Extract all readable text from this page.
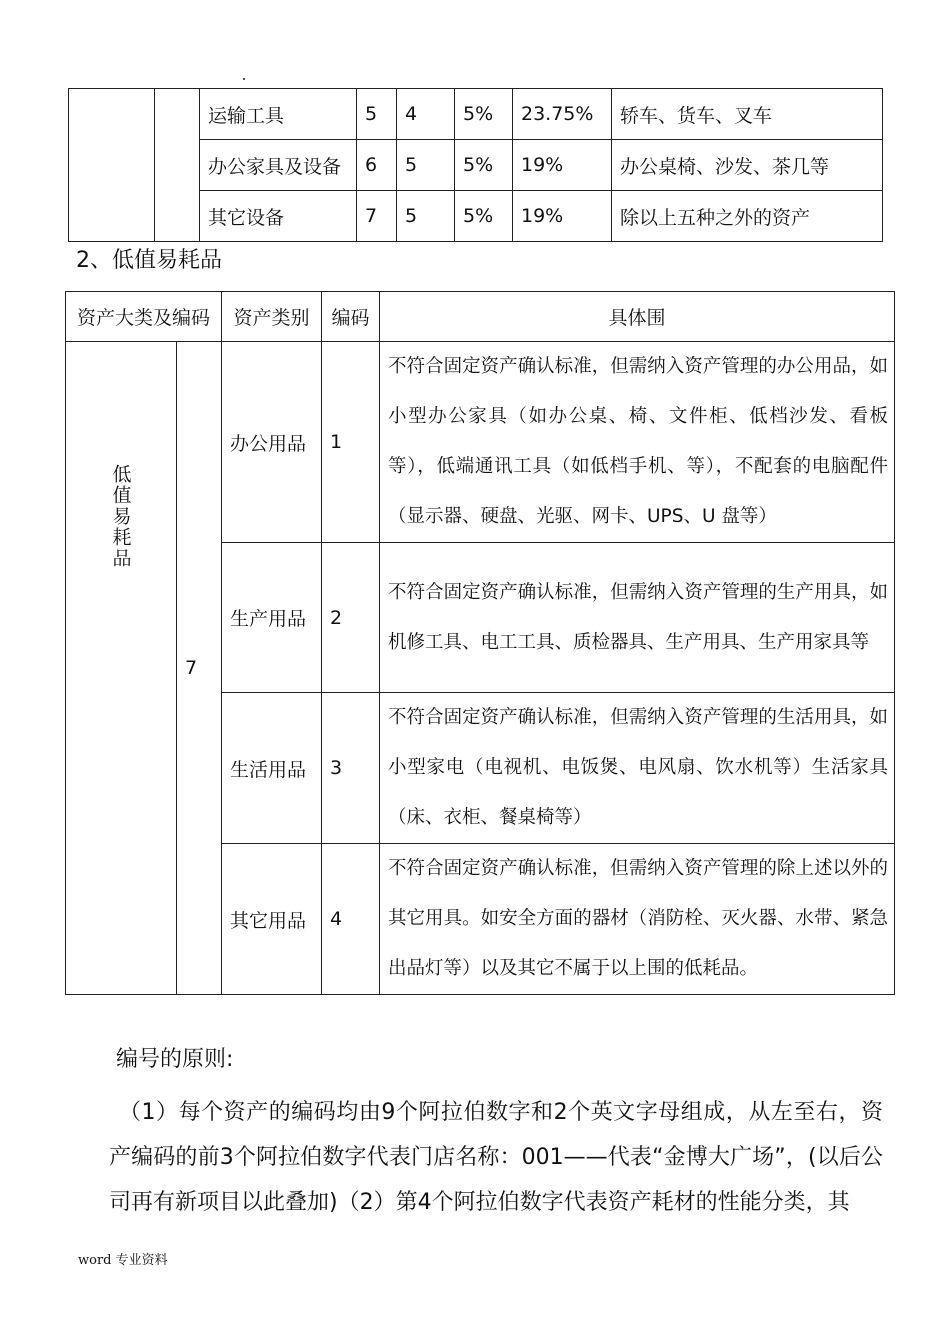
		运输工具	5	4	5%	23.75%	轿车、货车、叉车
		办公家具及设备	6	5	5%	19%	办公桌椅、沙发、茶几等
		其它设备	7	5	5%	19%	除以上五种之外的资产
2、低值易耗品
资产大类及编码		资产类别	编码	具体围
低值易耗品	7	办公用品	1	不符合固定资产确认标准，但需纳入资产管理的办公用品，如小型办公家具（如办公桌、椅、文件柜、低档沙发、看板等），低端通讯工具（如低档手机、等），不配套的电脑配件（显示器、硬盘、光驱、网卡、UPS、U 盘等）
		生产用品	2	不符合固定资产确认标准，但需纳入资产管理的生产用具，如机修工具、电工工具、质检器具、生产用具、生产用家具等
		生活用品	3	不符合固定资产确认标准，但需纳入资产管理的生活用具，如小型家电（电视机、电饭煲、电风扇、饮水机等）生活家具（床、衣柜、餐桌椅等）
		其它用品	4	不符合固定资产确认标准，但需纳入资产管理的除上述以外的其它用具。如安全方面的器材（消防栓、灭火器、水带、紧急出品灯等）以及其它不属于以上围的低耗品。
编号的原则:

（1）每个资产的编码均由9个阿拉伯数字和2个英文字母组成，从左至右，资产编码的前3个阿拉伯数字代表门店名称：001——代表“金博大广场”，(以后公司再有新项目以此叠加)（2）第4个阿拉伯数字代表资产耗材的性能分类，其

word 专业资料
